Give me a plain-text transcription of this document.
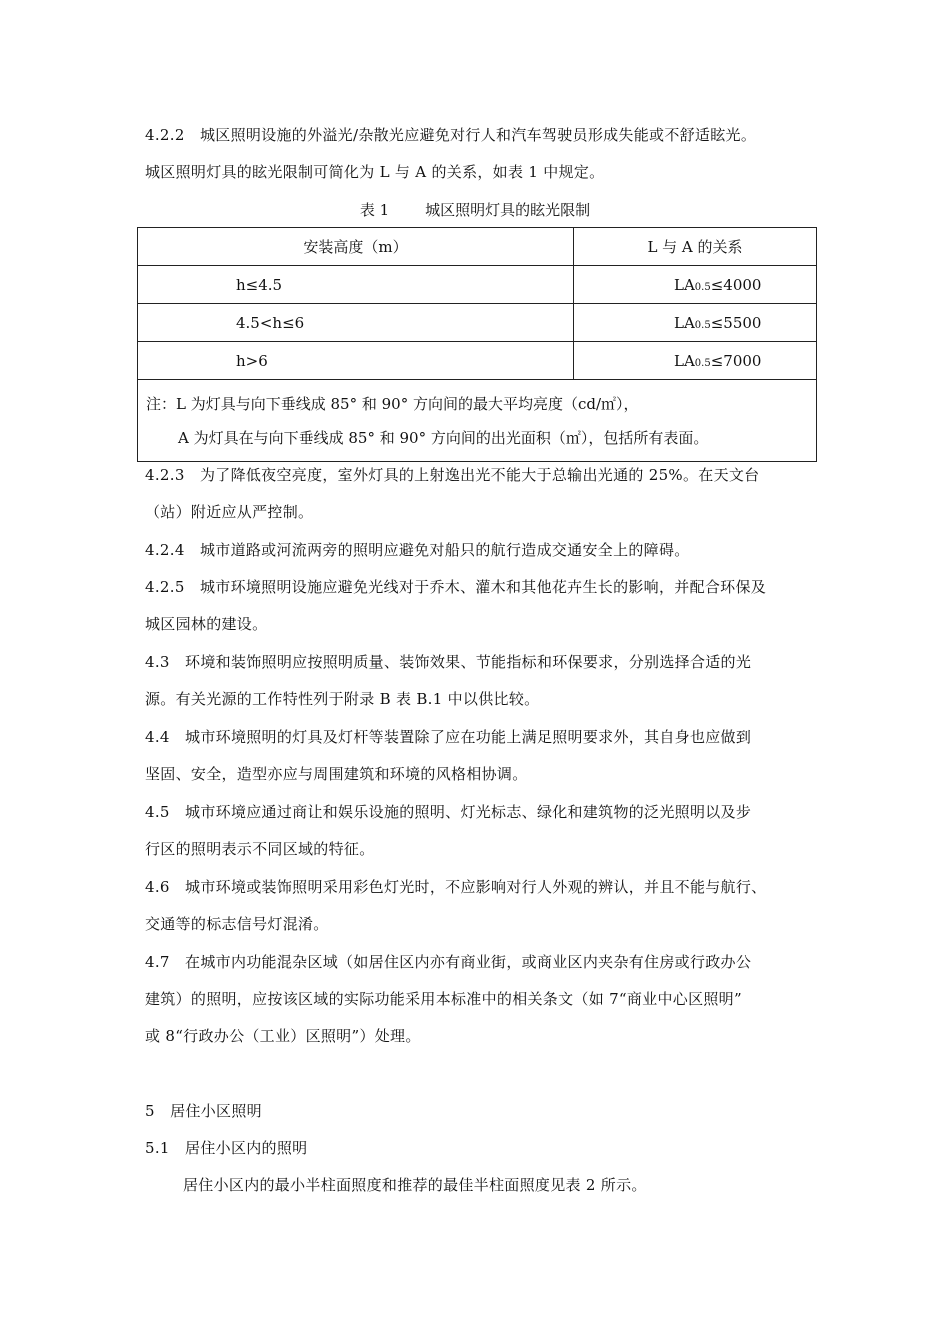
4.2.2　城区照明设施的外溢光/杂散光应避免对行人和汽车驾驶员形成失能或不舒适眩光。

城区照明灯具的眩光限制可简化为 L 与 A 的关系，如表 1 中规定。

表 1 城区照明灯具的眩光限制
安装高度（m）	L 与 A 的关系
h≤4.5	LA0.5≤4000
4.5<h≤6	LA0.5≤5500
h>6	LA0.5≤7000

注：L 为灯具与向下垂线成 85° 和 90° 方向间的最大平均亮度（cd/㎡），
A 为灯具在与向下垂线成 85° 和 90° 方向间的出光面积（㎡），包括所有表面。	

4.2.3　为了降低夜空亮度，室外灯具的上射逸出光不能大于总输出光通的 25%。在天文台

（站）附近应从严控制。

4.2.4　城市道路或河流两旁的照明应避免对船只的航行造成交通安全上的障碍。

4.2.5　城市环境照明设施应避免光线对于乔木、灌木和其他花卉生长的影响，并配合环保及

城区园林的建设。

4.3　环境和装饰照明应按照明质量、装饰效果、节能指标和环保要求，分别选择合适的光

源。有关光源的工作特性列于附录 B 表 B.1 中以供比较。

4.4　城市环境照明的灯具及灯杆等装置除了应在功能上满足照明要求外，其自身也应做到

坚固、安全，造型亦应与周围建筑和环境的风格相协调。

4.5　城市环境应通过商让和娱乐设施的照明、灯光标志、绿化和建筑物的泛光照明以及步

行区的照明表示不同区域的特征。

4.6　城市环境或装饰照明采用彩色灯光时，不应影响对行人外观的辨认，并且不能与航行、

交通等的标志信号灯混淆。

4.7　在城市内功能混杂区域（如居住区内亦有商业街，或商业区内夹杂有住房或行政办公

建筑）的照明，应按该区域的实际功能采用本标准中的相关条文（如 7“商业中心区照明”

或 8“行政办公（工业）区照明”）处理。

5　居住小区照明

5.1　居住小区内的照明

居住小区内的最小半柱面照度和推荐的最佳半柱面照度见表 2 所示。
